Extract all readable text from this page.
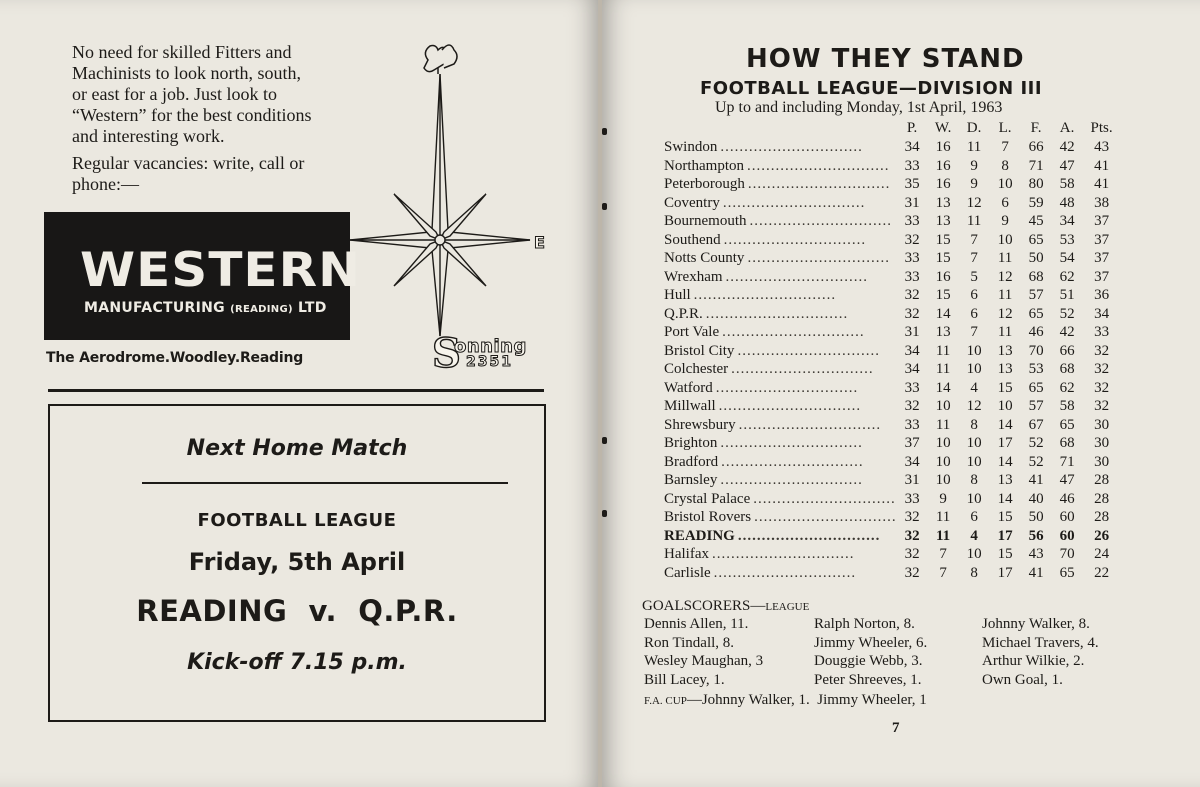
No need for skilled Fitters and
Machinists to look north, south,
or east for a job. Just look to
“Western” for the best conditions
and interesting work.

Regular vacancies: write, call or
phone:—

WESTERN
MANUFACTURING (READING) LTD
The Aerodrome.Woodley.Reading
E
S
onning
2351
Next Home Match
FOOTBALL LEAGUE
Friday, 5th April
READING  v.  Q.P.R.
Kick-off 7.15 p.m.
HOW THEY STAND
FOOTBALL LEAGUE—DIVISION III
Up to and including Monday, 1st April, 1963
	P.	W.	D.	L.	F.	A.	Pts.
Swindon ..............................	34	16	11	7	66	42	43
Northampton ..............................	33	16	9	8	71	47	41
Peterborough ..............................	35	16	9	10	80	58	41
Coventry ..............................	31	13	12	6	59	48	38
Bournemouth ..............................	33	13	11	9	45	34	37
Southend ..............................	32	15	7	10	65	53	37
Notts County ..............................	33	15	7	11	50	54	37
Wrexham ..............................	33	16	5	12	68	62	37
Hull ..............................	32	15	6	11	57	51	36
Q.P.R. ..............................	32	14	6	12	65	52	34
Port Vale ..............................	31	13	7	11	46	42	33
Bristol City ..............................	34	11	10	13	70	66	32
Colchester ..............................	34	11	10	13	53	68	32
Watford ..............................	33	14	4	15	65	62	32
Millwall ..............................	32	10	12	10	57	58	32
Shrewsbury ..............................	33	11	8	14	67	65	30
Brighton ..............................	37	10	10	17	52	68	30
Bradford ..............................	34	10	10	14	52	71	30
Barnsley ..............................	31	10	8	13	41	47	28
Crystal Palace ..............................	33	9	10	14	40	46	28
Bristol Rovers ..............................	32	11	6	15	50	60	28
READING ..............................	32	11	4	17	56	60	26
Halifax ..............................	32	7	10	15	43	70	24
Carlisle ..............................	32	7	8	17	41	65	22
GOALSCORERS—LEAGUE
Dennis Allen, 11.	Ralph Norton, 8.	Johnny Walker, 8.
Ron Tindall, 8.	Jimmy Wheeler, 6.	Michael Travers, 4.
Wesley Maughan, 3	Douggie Webb, 3.	Arthur Wilkie, 2.
Bill Lacey, 1.	Peter Shreeves, 1.	Own Goal, 1.
F.A. CUP—Johnny Walker, 1.  Jimmy Wheeler, 1
7
